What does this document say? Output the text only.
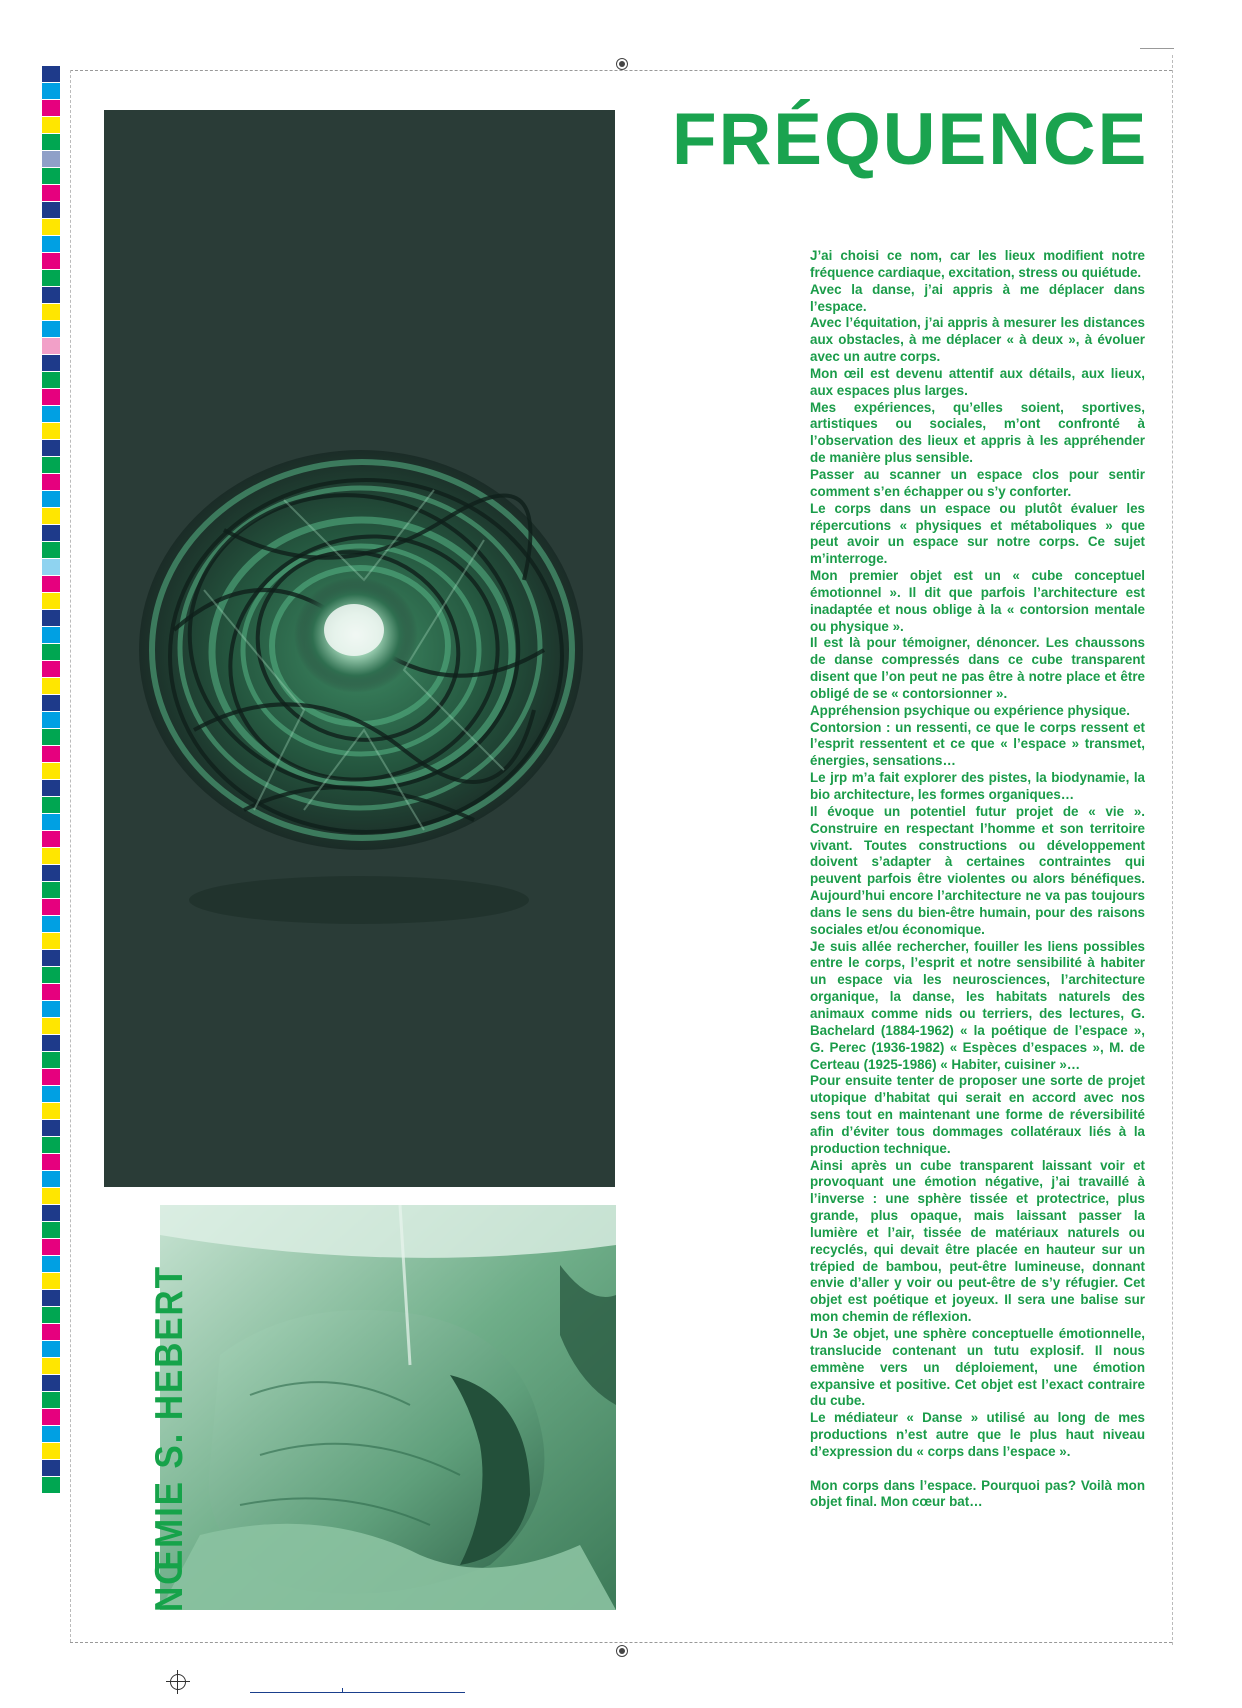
NŒMIE S. HEBERT
FRÉQUENCE

J’ai choisi ce nom, car les lieux modifient notre fréquence cardiaque, excitation, stress ou quiétude.

Avec la danse, j’ai appris à me déplacer dans l’espace.

Avec l’équitation, j’ai appris à mesurer les distances aux obstacles, à me déplacer « à deux », à évoluer avec un autre corps.

Mon œil est devenu attentif aux détails, aux lieux, aux espaces plus larges.

Mes expériences, qu’elles soient, sportives, artistiques ou sociales, m’ont confronté à l’observation des lieux et appris à les appréhender de manière plus sensible.

Passer au scanner un espace clos pour sentir comment s’en échapper ou s’y conforter.

Le corps dans un espace ou plutôt évaluer les répercutions « physiques et métaboliques » que peut avoir un espace sur notre corps. Ce sujet m’interroge.

Mon premier objet est un « cube conceptuel émotionnel ». Il dit que parfois l’architecture est inadaptée et nous oblige à la « contorsion mentale ou physique ».

Il est là pour témoigner, dénoncer. Les chaussons de danse compressés dans ce cube transparent disent que l’on peut ne pas être à notre place et être obligé de se « contorsionner ».

Appréhension psychique ou expérience physique.

Contorsion : un ressenti, ce que le corps ressent et l’esprit ressentent et ce que « l’espace » transmet, énergies, sensations…

Le jrp m’a fait explorer des pistes, la biodynamie, la bio architecture, les formes organiques…

Il évoque un potentiel futur projet de « vie ». Construire en respectant l’homme et son territoire vivant. Toutes constructions ou développement doivent s’adapter à certaines contraintes qui peuvent parfois être violentes ou alors bénéfiques. Aujourd’hui encore l’architecture ne va pas toujours dans le sens du bien-être humain, pour des raisons sociales et/ou économique.

Je suis allée rechercher, fouiller les liens possibles entre le corps, l’esprit et notre sensibilité à habiter un espace via les neurosciences, l’architecture organique, la danse, les habitats naturels des animaux comme nids ou terriers, des lectures, G. Bachelard (1884-1962) « la poétique de l’espace », G. Perec (1936-1982) « Espèces d’espaces », M. de Certeau (1925-1986) « Habiter, cuisiner »…

Pour ensuite tenter de proposer une sorte de projet utopique d’habitat qui serait en accord avec nos sens tout en maintenant une forme de réversibilité afin d’éviter tous dommages collatéraux liés à la production technique.

Ainsi après un cube transparent laissant voir et provoquant une émotion négative, j’ai travaillé à l’inverse : une sphère tissée et protectrice, plus grande, plus opaque, mais laissant passer la lumière et l’air, tissée de matériaux naturels ou recyclés, qui devait être placée en hauteur sur un trépied de bambou, peut-être lumineuse, donnant envie d’aller y voir ou peut-être de s’y réfugier. Cet objet est poétique et joyeux. Il sera une balise sur mon chemin de réflexion.

Un 3e objet, une sphère conceptuelle émotionnelle, translucide contenant un tutu explosif. Il nous emmène vers un déploiement, une émotion expansive et positive. Cet objet est l’exact contraire du cube.

Le médiateur « Danse » utilisé au long de mes productions n’est autre que le plus haut niveau d’expression du « corps dans l’espace ».

Mon corps dans l’espace. Pourquoi pas? Voilà mon objet final. Mon cœur bat…
